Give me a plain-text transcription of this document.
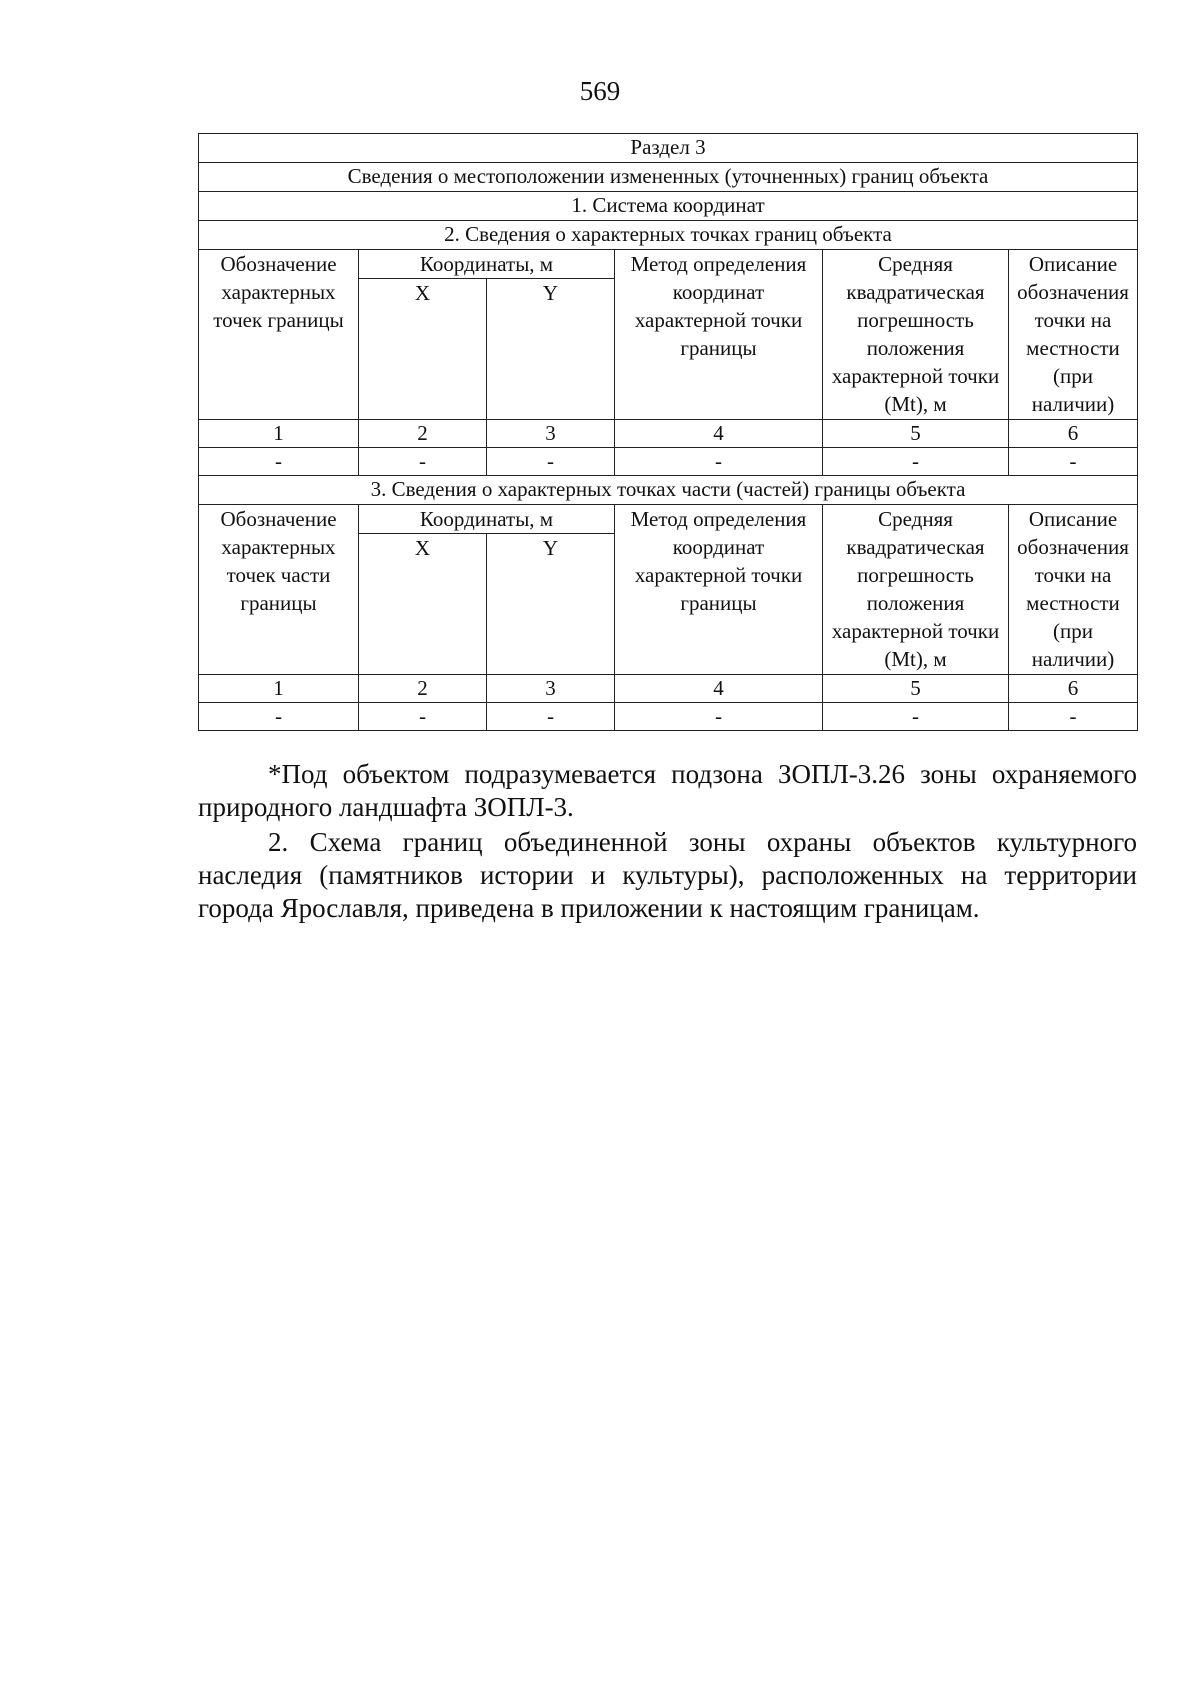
569
Раздел 3					
Сведения о местоположении измененных (уточненных) границ объекта					
1. Система координат					
2. Сведения о характерных точках границ объекта					
Обозначение характерных точек границы	Координаты, м		Метод определения координат характерной точки границы	Средняя квадратическая погрешность положения характерной точки (Mt), м	Описание обозначения точки на местности (при наличии)
	X	Y			
1	2	3	4	5	6
-	-	-	-	-	-
3. Сведения о характерных точках части (частей) границы объекта					
Обозначение характерных точек части границы	Координаты, м		Метод определения координат характерной точки границы	Средняя квадратическая погрешность положения характерной точки (Mt), м	Описание обозначения точки на местности (при наличии)
	X	Y			
1	2	3	4	5	6
-	-	-	-	-	-

*Под объектом подразумевается подзона ЗОПЛ-3.26 зоны охраняемого природного ландшафта ЗОПЛ-3.

2. Схема границ объединенной зоны охраны объектов культурного наследия (памятников истории и культуры), расположенных на территории города Ярославля, приведена в приложении к настоящим границам.
